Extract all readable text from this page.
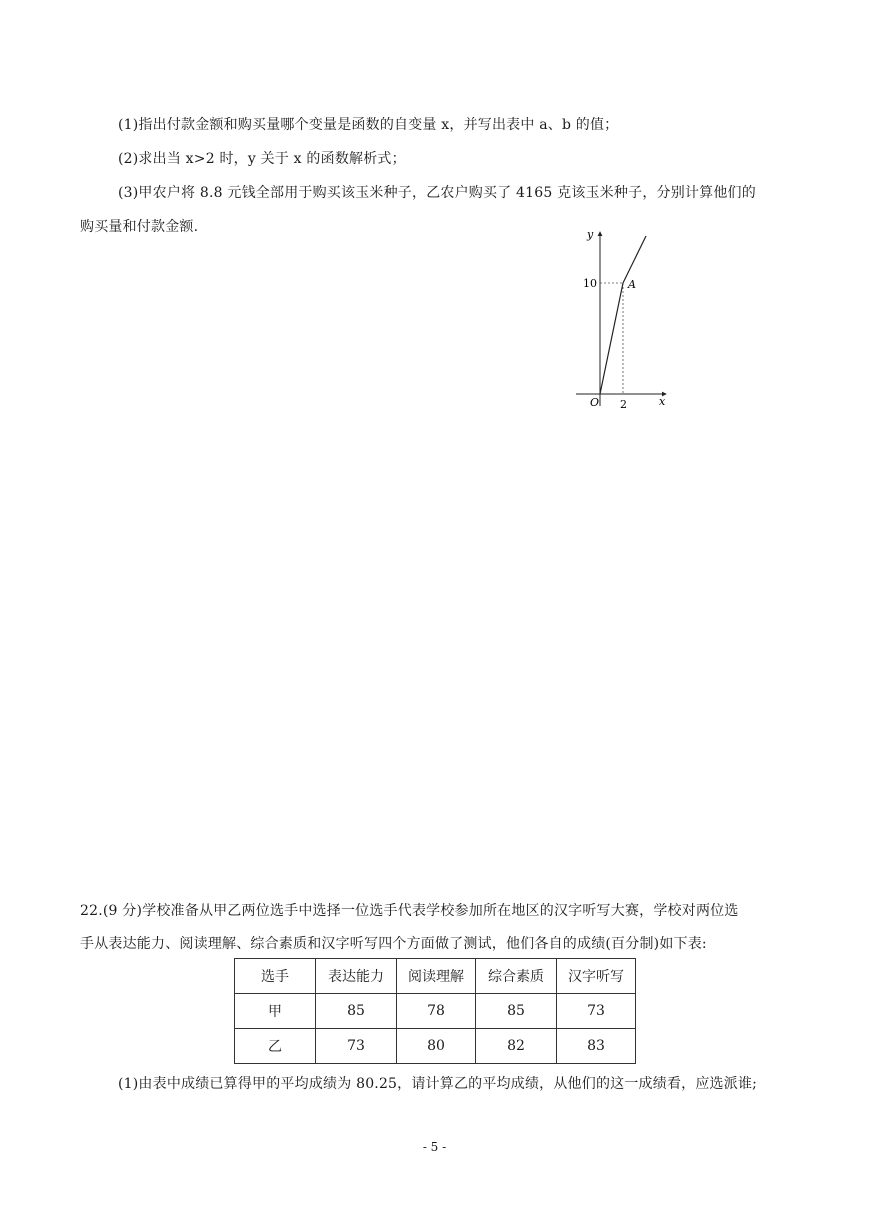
(1)指出付款金额和购买量哪个变量是函数的自变量 x，并写出表中 a、b 的值；
(2)求出当 x>2 时，y 关于 x 的函数解析式；
(3)甲农户将 8.8 元钱全部用于购买该玉米种子，乙农户购买了 4165 克该玉米种子，分别计算他们的
购买量和付款金额.	y
x
O
A
10
2
22.(9 分)学校准备从甲乙两位选手中选择一位选手代表学校参加所在地区的汉字听写大赛，学校对两位选
手从表达能力、阅读理解、综合素质和汉字听写四个方面做了测试，他们各自的成绩(百分制)如下表:
选手	表达能力	阅读理解	综合素质	汉字听写
甲	85	78	85	73
乙	73	80	82	83
(1)由表中成绩已算得甲的平均成绩为 80.25，请计算乙的平均成绩，从他们的这一成绩看，应选派谁;
- 5 -
